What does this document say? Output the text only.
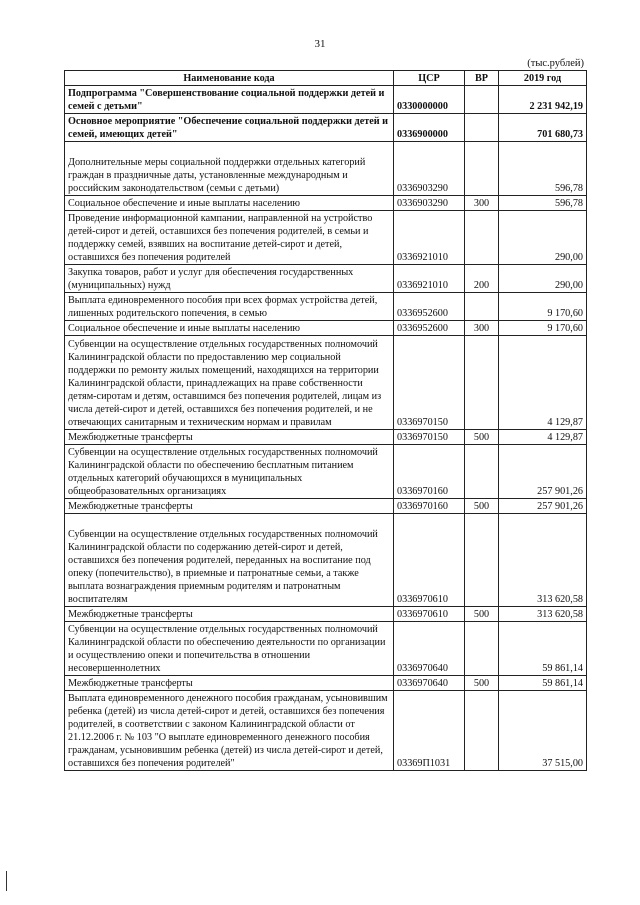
31
(тыс.рублей)
Наименование кода	ЦСР	ВР	2019 год
Подпрограмма "Совершенствование социальной поддержки детей и семей с детьми"	0330000000		2 231 942,19
Основное мероприятие "Обеспечение социальной поддержки детей и семей, имеющих детей"	0336900000		701 680,73
Дополнительные меры социальной поддержки отдельных категорий граждан в праздничные даты, установленные международным и российским законодательством (семьи с детьми)	0336903290		596,78
Социальное обеспечение и иные выплаты населению	0336903290	300	596,78
Проведение информационной кампании, направленной на устройство детей-сирот и детей, оставшихся без попечения родителей, в семьи и поддержку семей, взявших на воспитание детей-сирот и детей, оставшихся без попечения родителей	0336921010		290,00
Закупка товаров, работ и услуг для обеспечения государственных (муниципальных) нужд	0336921010	200	290,00
Выплата единовременного пособия при всех формах устройства детей, лишенных родительского попечения, в семью	0336952600		9 170,60
Социальное обеспечение и иные выплаты населению	0336952600	300	9 170,60
Субвенции на осуществление отдельных государственных полномочий Калининградской области по предоставлению мер социальной поддержки по ремонту жилых помещений, находящихся на территории Калининградской области, принадлежащих на праве собственности детям-сиротам и детям, оставшимся без попечения родителей, лицам из числа детей-сирот и детей, оставшихся без попечения родителей, и не отвечающих санитарным и техническим нормам и правилам	0336970150		4 129,87
Межбюджетные трансферты	0336970150	500	4 129,87
Субвенции на осуществление отдельных государственных полномочий Калининградской области по обеспечению бесплатным питанием отдельных категорий обучающихся в муниципальных общеобразовательных организациях	0336970160		257 901,26
Межбюджетные трансферты	0336970160	500	257 901,26
Субвенции на осуществление отдельных государственных полномочий Калининградской области по содержанию детей-сирот и детей, оставшихся без попечения родителей, переданных на воспитание под опеку (попечительство), в приемные и патронатные семьи, а также выплата вознаграждения приемным родителям и патронатным воспитателям	0336970610		313 620,58
Межбюджетные трансферты	0336970610	500	313 620,58
Субвенции на осуществление отдельных государственных полномочий Калининградской области по обеспечению деятельности по организации и осуществлению опеки и попечительства в отношении несовершеннолетних	0336970640		59 861,14
Межбюджетные трансферты	0336970640	500	59 861,14
Выплата единовременного денежного пособия гражданам, усыновившим ребенка (детей) из числа детей-сирот и детей, оставшихся без попечения родителей, в соответствии с законом Калининградской области от 21.12.2006 г. № 103 "О выплате единовременного денежного пособия гражданам, усыновившим ребенка (детей) из числа детей-сирот и детей, оставшихся без попечения родителей"	03369П1031		37 515,00
